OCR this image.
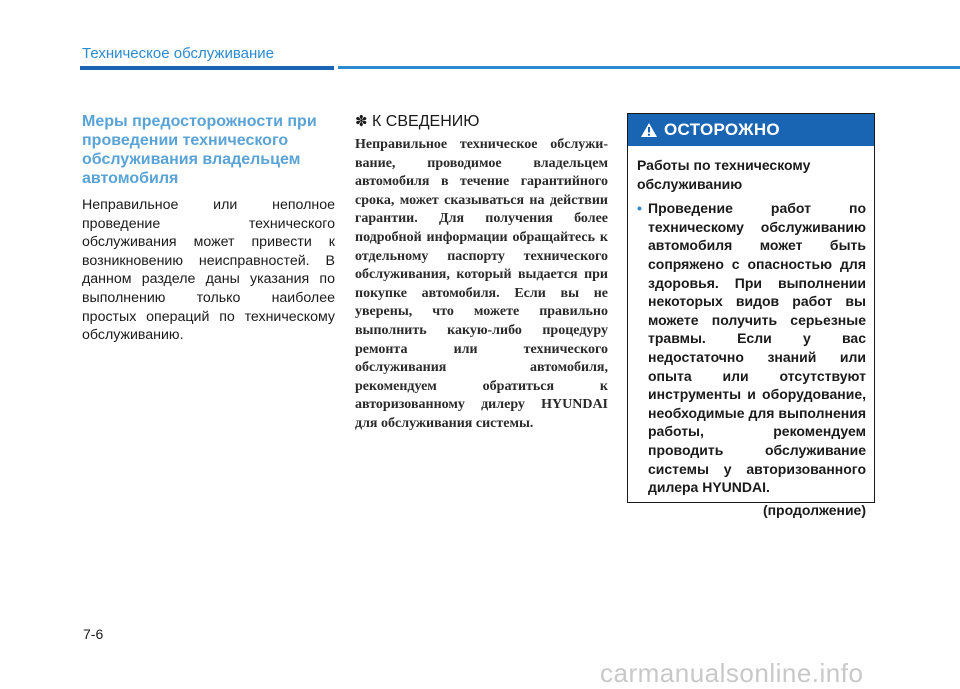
Техническое обслуживание
Меры предосторожности при проведении технического обслуживания владельцем автомобиля

Неправильное или неполное проведение технического обслуживания может привести к возникновению неисправностей. В данном разделе даны указания по выполнению только наиболее простых операций по техническому обслуживанию.

✽ К СВЕДЕНИЮ

Неправильное техническое обслужи-вание, проводимое владельцем автомобиля в течение гарантийного срока, может сказываться на действии гарантии. Для получения более подробной информации обращайтесь к отдельному паспорту технического обслуживания, который выдается при покупке автомобиля. Если вы не уверены, что можете правильно выполнить какую-либо процедуру ремонта или технического обслуживания автомобиля, рекомендуем обратиться к авторизованному дилеру HYUNDAI для обслуживания системы.

ОСТОРОЖНО

Работы по техническому обслуживанию

• Проведение работ по техническому обслуживанию автомобиля может быть сопряжено с опасностью для здоровья. При выполнении некоторых видов работ вы можете получить серьезные травмы. Если у вас недостаточно знаний или опыта или отсутствуют инструменты и оборудование, необходимые для выполнения работы, рекомендуем проводить обслуживание системы у авторизованного дилера HYUNDAI.
(продолжение)
7-6
carmanualsonline.info
